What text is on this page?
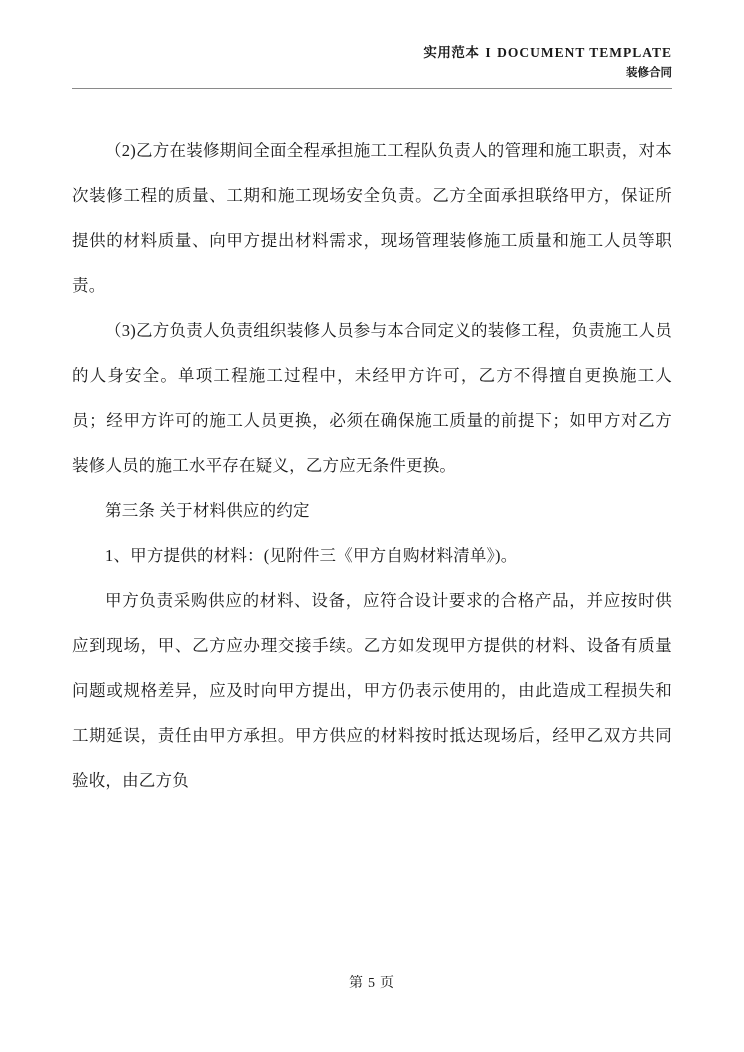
实用范本 I DOCUMENT TEMPLATE
装修合同

（2)乙方在装修期间全面全程承担施工工程队负责人的管理和施工职责，对本次装修工程的质量、工期和施工现场安全负责。乙方全面承担联络甲方，保证所提供的材料质量、向甲方提出材料需求，现场管理装修施工质量和施工人员等职责。

（3)乙方负责人负责组织装修人员参与本合同定义的装修工程，负责施工人员的人身安全。单项工程施工过程中，未经甲方许可，乙方不得擅自更换施工人员；经甲方许可的施工人员更换，必须在确保施工质量的前提下；如甲方对乙方装修人员的施工水平存在疑义，乙方应无条件更换。

第三条 关于材料供应的约定

1、甲方提供的材料：(见附件三《甲方自购材料清单》)。

甲方负责采购供应的材料、设备，应符合设计要求的合格产品，并应按时供应到现场，甲、乙方应办理交接手续。乙方如发现甲方提供的材料、设备有质量问题或规格差异，应及时向甲方提出，甲方仍表示使用的，由此造成工程损失和工期延误，责任由甲方承担。甲方供应的材料按时抵达现场后，经甲乙双方共同验收，由乙方负

第 5 页
